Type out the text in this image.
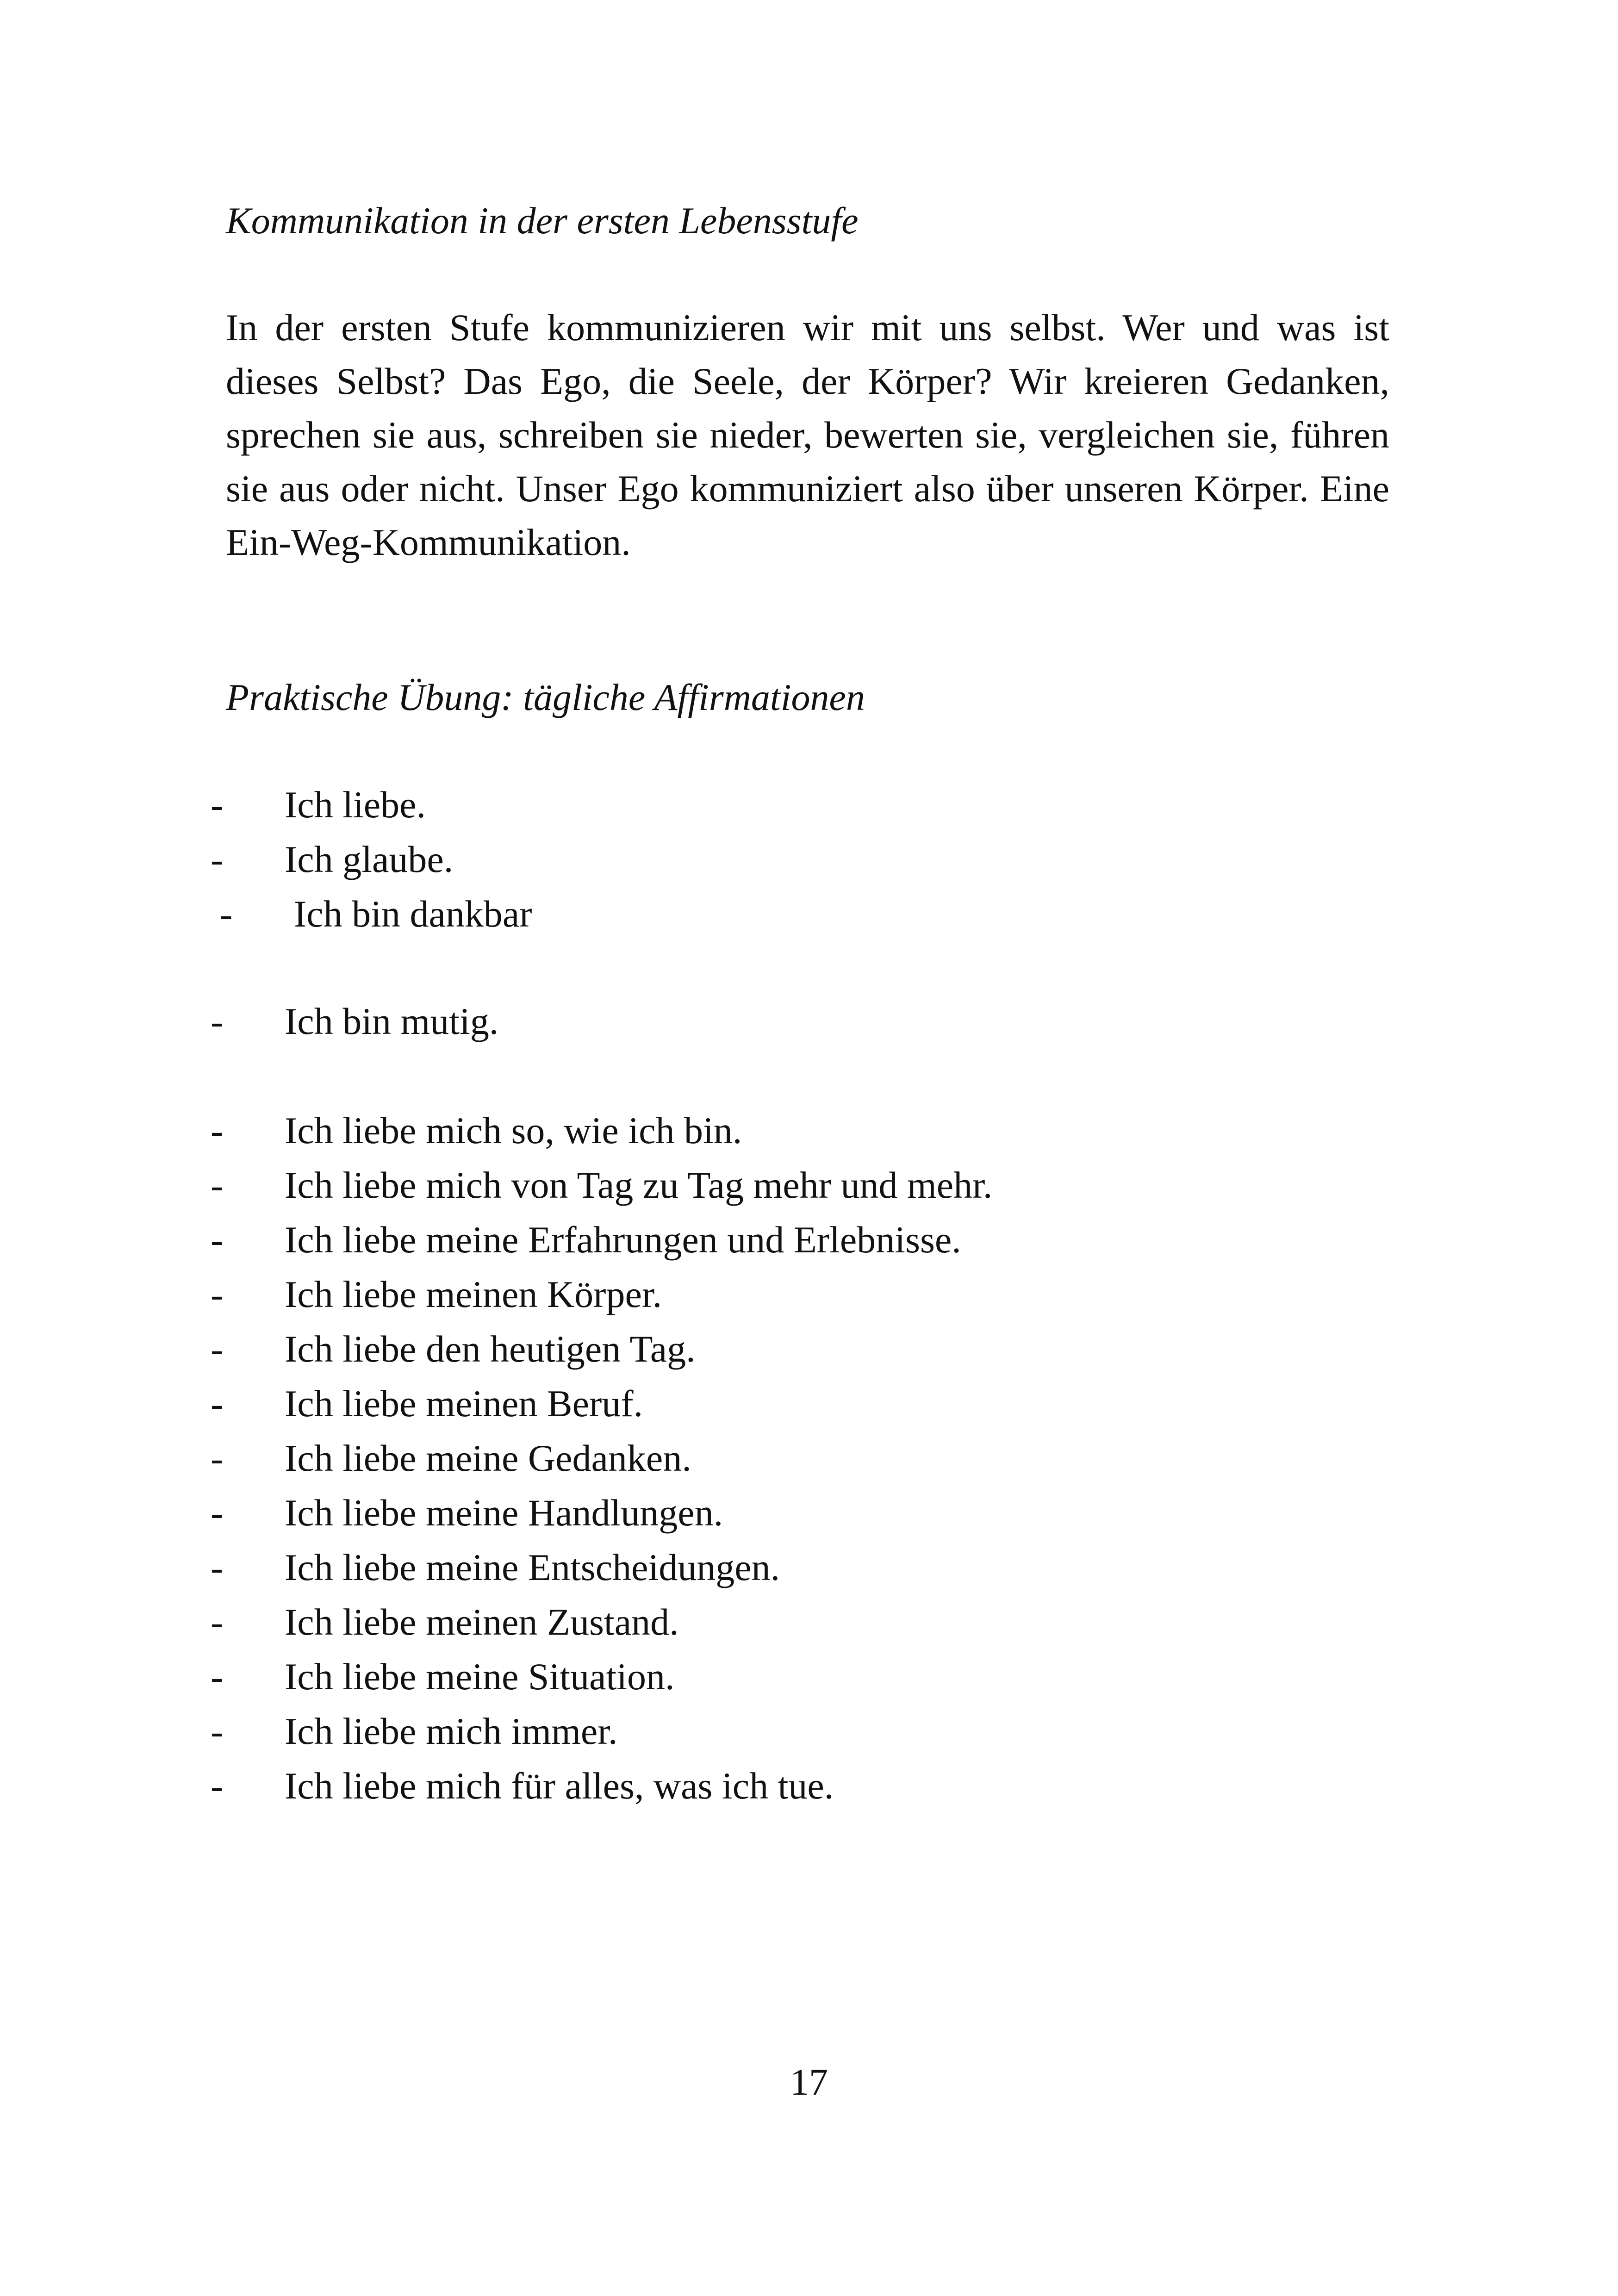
Kommunikation in der ersten Lebensstufe

In der ersten Stufe kommunizieren wir mit uns selbst. Wer und was ist dieses Selbst? Das Ego, die Seele, der Körper? Wir kreieren Gedanken, sprechen sie aus, schreiben sie nieder, bewerten sie, vergleichen sie, führen sie aus oder nicht. Unser Ego kommuniziert also über unseren Körper. Eine Ein-Weg-Kommunikation.

Praktische Übung: tägliche Affirmationen
- Ich liebe.
- Ich glaube.
- Ich bin dankbar
- Ich bin mutig.
- Ich liebe mich so, wie ich bin.
- Ich liebe mich von Tag zu Tag mehr und mehr.
- Ich liebe meine Erfahrungen und Erlebnisse.
- Ich liebe meinen Körper.
- Ich liebe den heutigen Tag.
- Ich liebe meinen Beruf.
- Ich liebe meine Gedanken.
- Ich liebe meine Handlungen.
- Ich liebe meine Entscheidungen.
- Ich liebe meinen Zustand.
- Ich liebe meine Situation.
- Ich liebe mich immer.
- Ich liebe mich für alles, was ich tue.
17
